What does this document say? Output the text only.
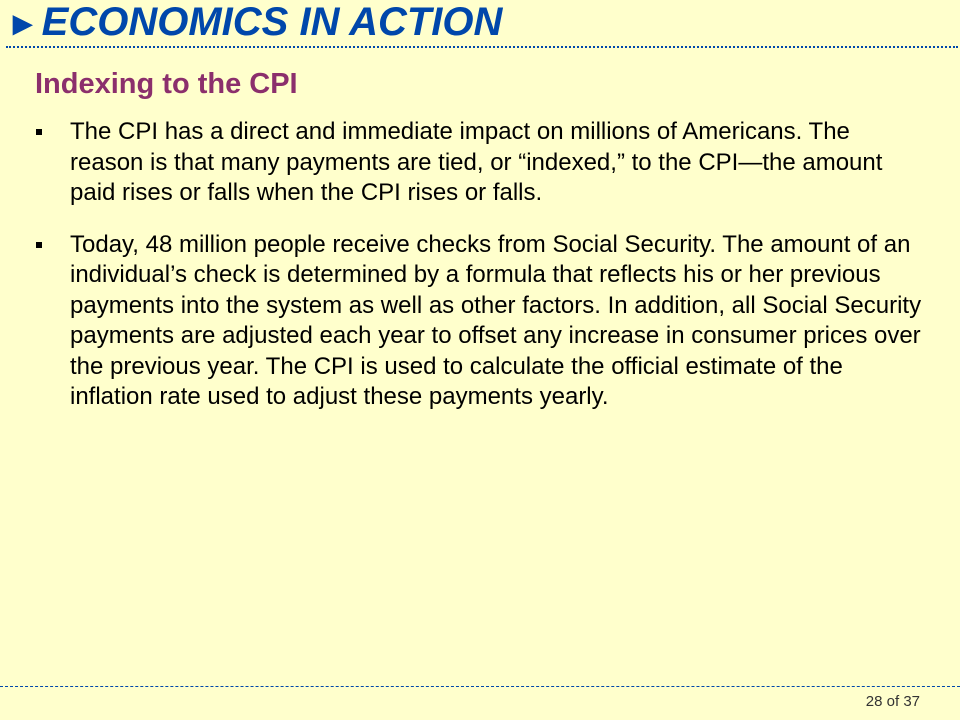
►ECONOMICS IN ACTION
Indexing to the CPI
The CPI has a direct and immediate impact on millions of Americans. The reason is that many payments are tied, or “indexed,” to the CPI—the amount paid rises or falls when the CPI rises or falls.
Today, 48 million people receive checks from Social Security. The amount of an individual’s check is determined by a formula that reflects his or her previous payments into the system as well as other factors. In addition, all Social Security payments are adjusted each year to offset any increase in consumer prices over the previous year. The CPI is used to calculate the official estimate of the inflation rate used to adjust these payments yearly.
28 of 37
